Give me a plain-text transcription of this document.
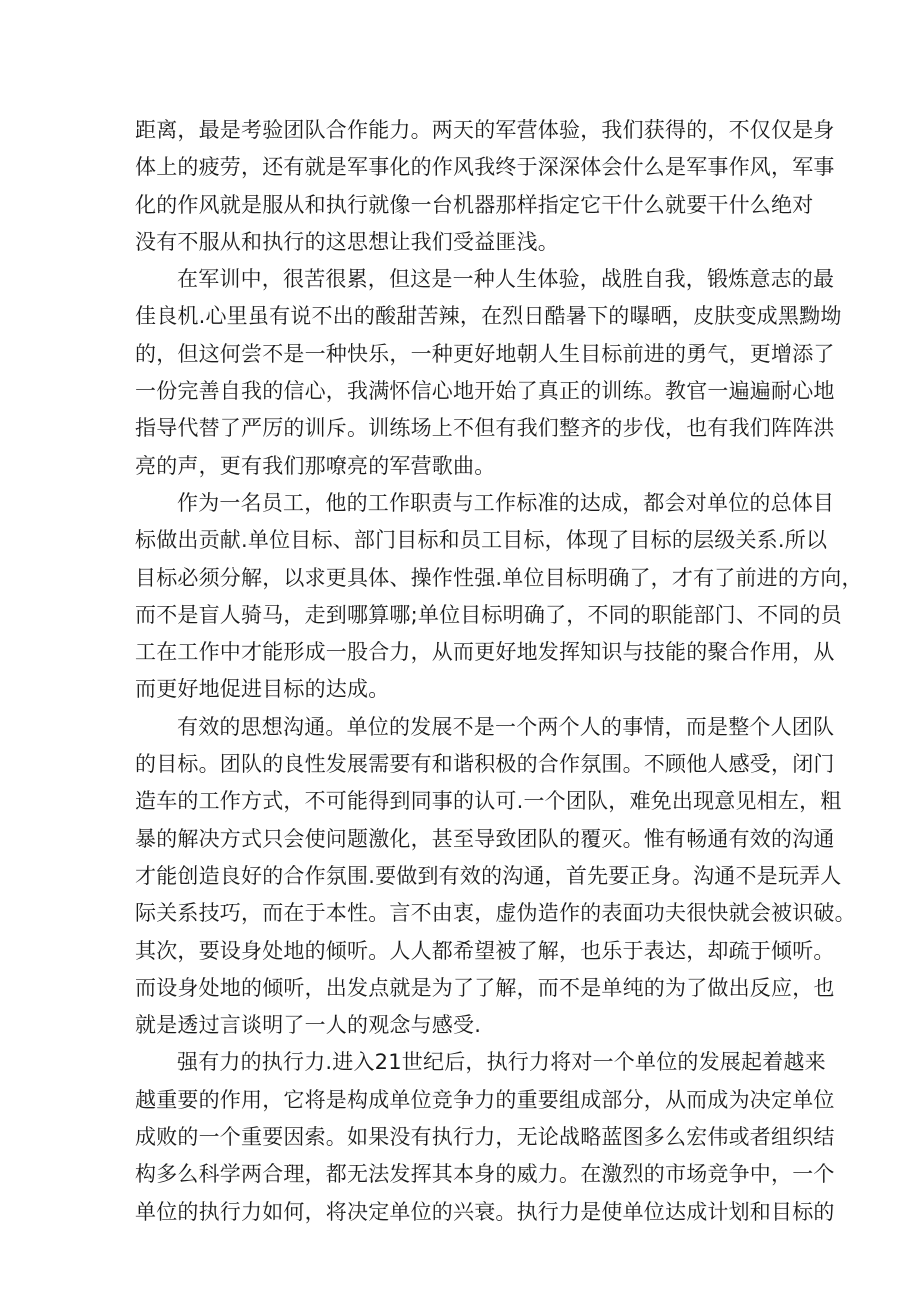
距离，最是考验团队合作能力。两天的军营体验，我们获得的，不仅仅是身
体上的疲劳，还有就是军事化的作风我终于深深体会什么是军事作风，军事
化的作风就是服从和执行就像一台机器那样指定它干什么就要干什么绝对
没有不服从和执行的这思想让我们受益匪浅。

在军训中，很苦很累，但这是一种人生体验，战胜自我，锻炼意志的最
佳良机.心里虽有说不出的酸甜苦辣，在烈日酷暑下的曝晒，皮肤变成黑黝坳
的，但这何尝不是一种快乐，一种更好地朝人生目标前进的勇气，更增添了
一份完善自我的信心，我满怀信心地开始了真正的训练。教官一遍遍耐心地
指导代替了严厉的训斥。训练场上不但有我们整齐的步伐，也有我们阵阵洪
亮的声，更有我们那嘹亮的军营歌曲。

作为一名员工，他的工作职责与工作标准的达成，都会对单位的总体目
标做出贡献.单位目标、部门目标和员工目标，体现了目标的层级关系.所以
目标必须分解，以求更具体、操作性强.单位目标明确了，才有了前进的方向，
而不是盲人骑马，走到哪算哪;单位目标明确了，不同的职能部门、不同的员
工在工作中才能形成一股合力，从而更好地发挥知识与技能的聚合作用，从
而更好地促进目标的达成。

有效的思想沟通。单位的发展不是一个两个人的事情，而是整个人团队
的目标。团队的良性发展需要有和谐积极的合作氛围。不顾他人感受，闭门
造车的工作方式，不可能得到同事的认可.一个团队，难免出现意见相左，粗
暴的解决方式只会使问题激化，甚至导致团队的覆灭。惟有畅通有效的沟通
才能创造良好的合作氛围.要做到有效的沟通，首先要正身。沟通不是玩弄人
际关系技巧，而在于本性。言不由衷，虚伪造作的表面功夫很快就会被识破。
其次，要设身处地的倾听。人人都希望被了解，也乐于表达，却疏于倾听。
而设身处地的倾听，出发点就是为了了解，而不是单纯的为了做出反应，也
就是透过言谈明了一人的观念与感受.

强有力的执行力.进入21世纪后，执行力将对一个单位的发展起着越来
越重要的作用，它将是构成单位竞争力的重要组成部分，从而成为决定单位
成败的一个重要因索。如果没有执行力，无论战略蓝图多么宏伟或者组织结
构多么科学两合理，都无法发挥其本身的威力。在激烈的市场竞争中，一个
单位的执行力如何，将决定单位的兴衰。执行力是使单位达成计划和目标的
